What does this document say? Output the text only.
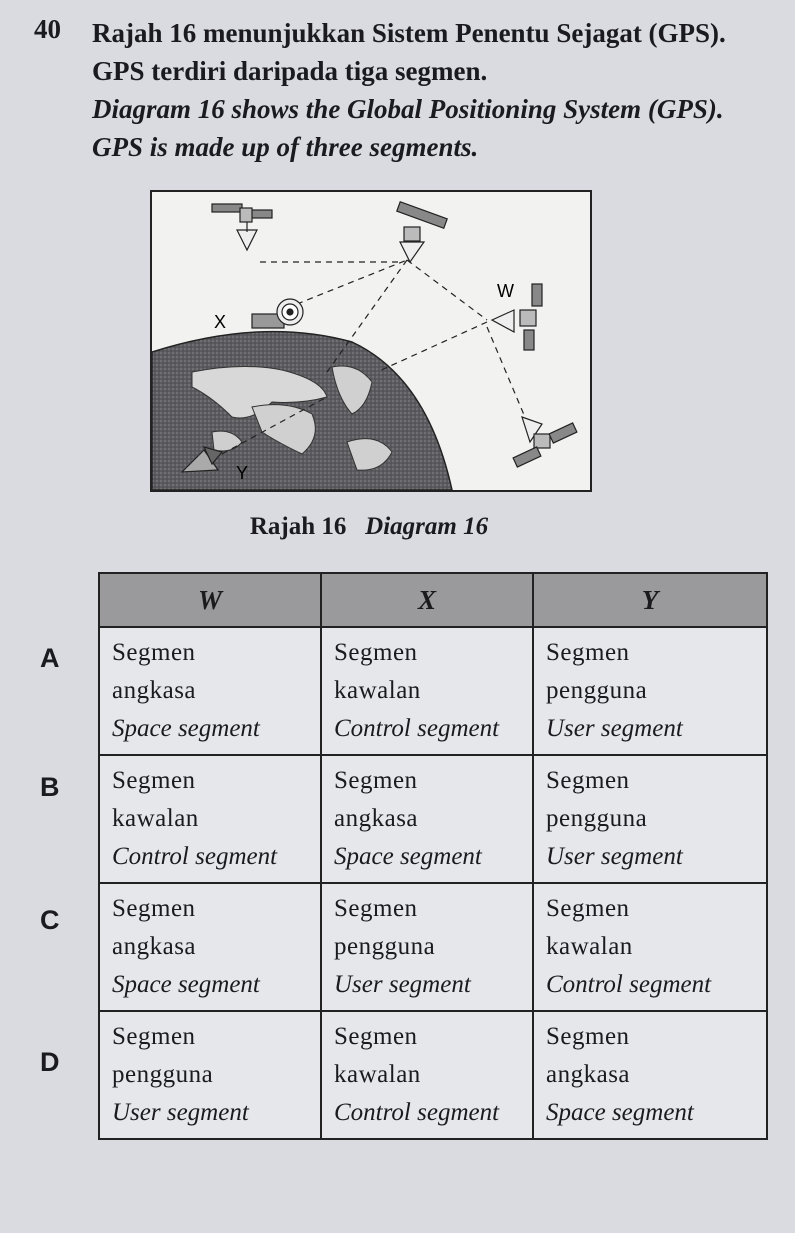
40 Rajah 16 menunjukkan Sistem Penentu Sejagat (GPS). GPS terdiri daripada tiga segmen.
Diagram 16 shows the Global Positioning System (GPS). GPS is made up of three segments.
W
X
Y
Rajah 16 Diagram 16
A
B
C
D
W	X	Y

Segmen
angkasa
Space segment	Segmen
kawalan
Control segment	Segmen
pengguna
User segment

Segmen
kawalan
Control segment	Segmen
angkasa
Space segment	Segmen
pengguna
User segment

Segmen
angkasa
Space segment	Segmen
pengguna
User segment	Segmen
kawalan
Control segment

Segmen
pengguna
User segment	Segmen
kawalan
Control segment	Segmen
angkasa
Space segment
